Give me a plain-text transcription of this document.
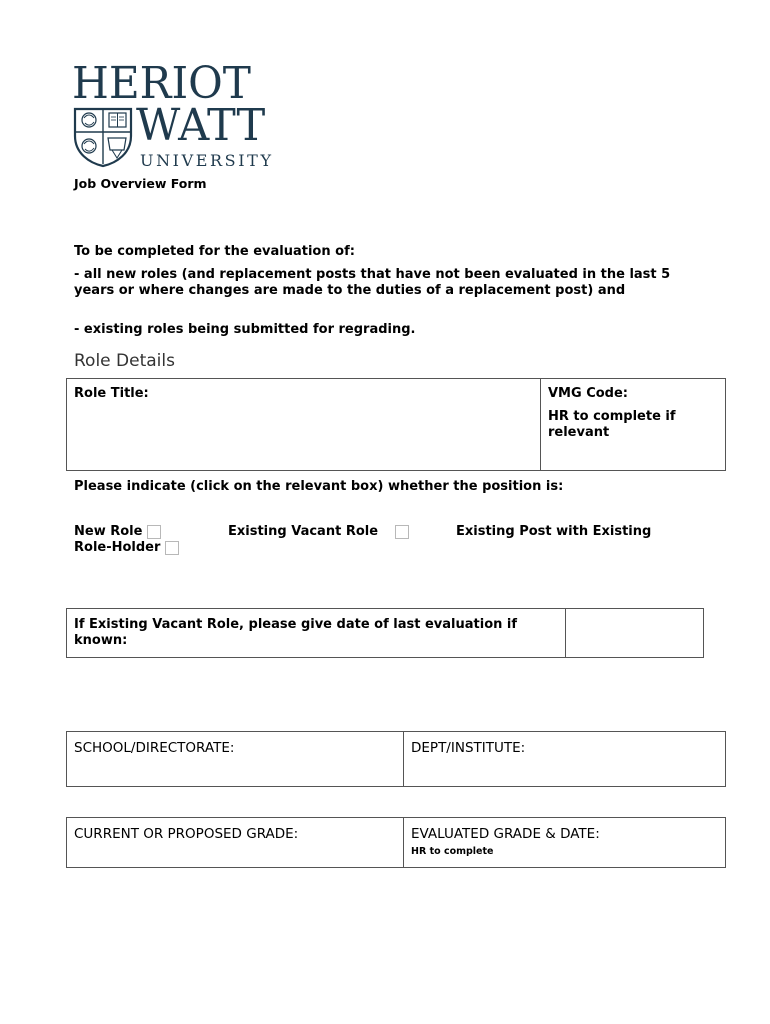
HERIOT
WATT
UNIVERSITY
Job Overview Form
To be completed for the evaluation of:
- all new roles (and replacement posts that have not been evaluated in the last 5 years or where changes are made to the duties of a replacement post) and
- existing roles being submitted for regrading.
Role Details
Role Title:	VMG Code:
HR to complete if relevant
Please indicate (click on the relevant box) whether the position is:
New Role	Existing Vacant Role	Existing Post with Existing
Role-Holder
If Existing Vacant Role, please give date of last evaluation if known:

SCHOOL/DIRECTORATE:	DEPT/INSTITUTE:
CURRENT OR PROPOSED GRADE:	EVALUATED GRADE & DATE:
HR to complete
